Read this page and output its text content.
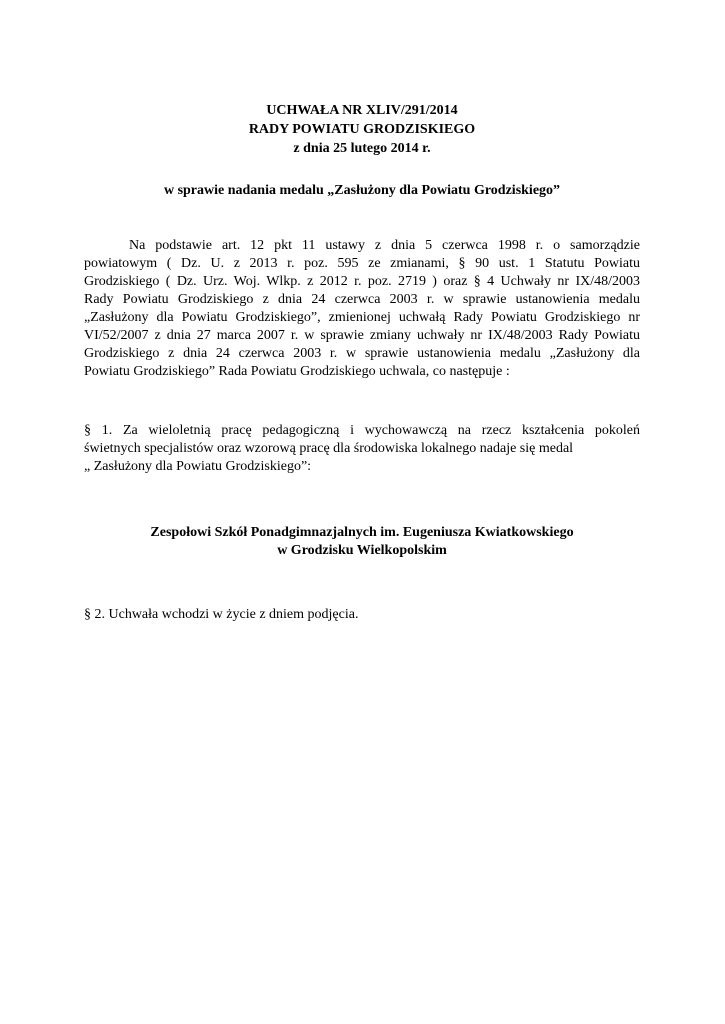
UCHWAŁA NR XLIV/291/2014
RADY POWIATU GRODZISKIEGO
z dnia 25 lutego 2014 r.
w sprawie nadania medalu „Zasłużony dla Powiatu Grodziskiego”
Na podstawie art. 12 pkt 11 ustawy z dnia 5 czerwca 1998 r. o samorządzie
powiatowym ( Dz. U. z 2013 r. poz. 595 ze zmianami, § 90 ust. 1 Statutu Powiatu
Grodziskiego ( Dz. Urz. Woj. Wlkp. z 2012 r. poz. 2719 ) oraz § 4 Uchwały nr IX/48/2003
Rady Powiatu Grodziskiego z dnia 24 czerwca 2003 r. w sprawie ustanowienia medalu
„Zasłużony dla Powiatu Grodziskiego”, zmienionej uchwałą Rady Powiatu Grodziskiego nr
VI/52/2007 z dnia 27 marca 2007 r. w sprawie zmiany uchwały nr IX/48/2003 Rady Powiatu
Grodziskiego z dnia 24 czerwca 2003 r. w sprawie ustanowienia medalu „Zasłużony dla
Powiatu Grodziskiego” Rada Powiatu Grodziskiego uchwala, co następuje :
§ 1. Za wieloletnią pracę pedagogiczną i wychowawczą na rzecz kształcenia pokoleń
świetnych specjalistów oraz wzorową pracę dla środowiska lokalnego nadaje się medal
„ Zasłużony dla Powiatu Grodziskiego”:
Zespołowi Szkół Ponadgimnazjalnych im. Eugeniusza Kwiatkowskiego
w Grodzisku Wielkopolskim
§ 2. Uchwała wchodzi w życie z dniem podjęcia.
